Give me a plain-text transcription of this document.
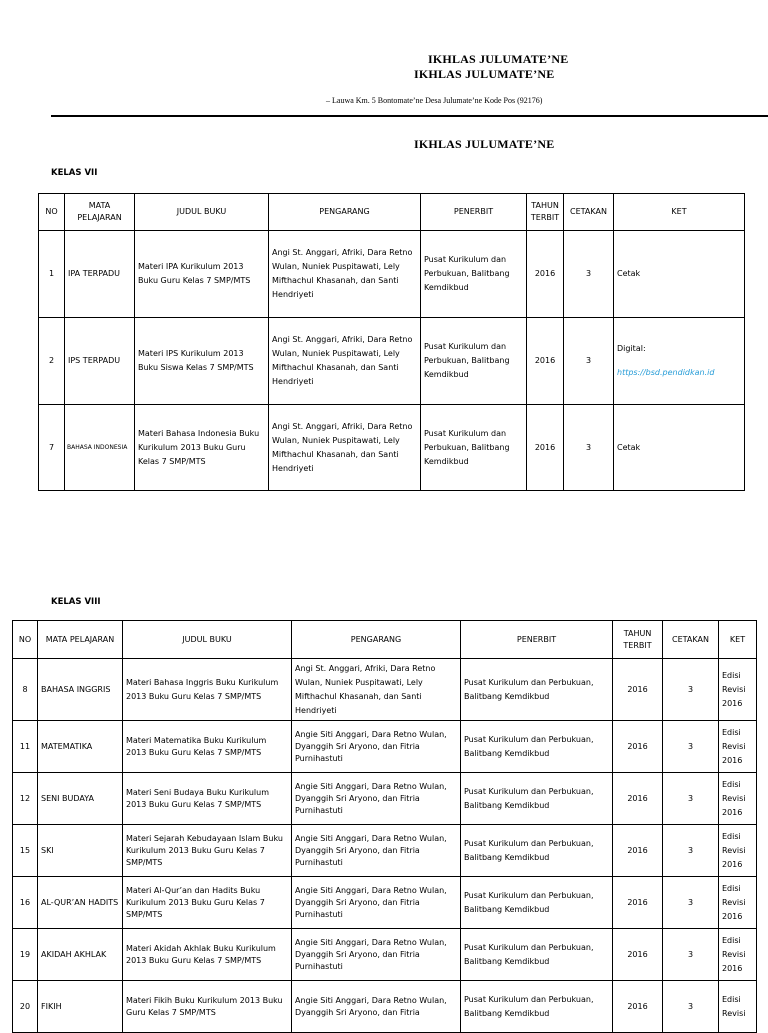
IKHLAS JULUMATE’NE
IKHLAS JULUMATE’NE
– Lauwa Km. 5 Bontomate’ne Desa Julumate’ne Kode Pos (92176)
IKHLAS JULUMATE’NE
KELAS VII
NO	MATA PELAJARAN	JUDUL BUKU	PENGARANG	PENERBIT	TAHUN TERBIT	CETAKAN	KET
1	IPA TERPADU	Materi IPA Kurikulum 2013 Buku Guru Kelas 7 SMP/MTS	Angi St. Anggari, Afriki, Dara Retno Wulan, Nuniek Puspitawati, Lely Mifthachul Khasanah, dan Santi Hendriyeti	Pusat Kurikulum dan Perbukuan, Balitbang Kemdikbud	2016	3	Cetak
2	IPS TERPADU	Materi IPS Kurikulum 2013 Buku Siswa Kelas 7 SMP/MTS	Angi St. Anggari, Afriki, Dara Retno Wulan, Nuniek Puspitawati, Lely Mifthachul Khasanah, dan Santi Hendriyeti	Pusat Kurikulum dan Perbukuan, Balitbang Kemdikbud	2016	3	Digital:
https://bsd.pendidkan.id

7	BAHASA INDONESIA	Materi Bahasa Indonesia Buku Kurikulum 2013 Buku Guru Kelas 7 SMP/MTS	Angi St. Anggari, Afriki, Dara Retno Wulan, Nuniek Puspitawati, Lely Mifthachul Khasanah, dan Santi Hendriyeti	Pusat Kurikulum dan Perbukuan, Balitbang Kemdikbud	2016	3	Cetak
KELAS VIII
NO	MATA PELAJARAN	JUDUL BUKU	PENGARANG	PENERBIT	TAHUN TERBIT	CETAKAN	KET
8	BAHASA INGGRIS	Materi Bahasa Inggris Buku Kurikulum 2013 Buku Guru Kelas 7 SMP/MTS	Angi St. Anggari, Afriki, Dara Retno Wulan, Nuniek Puspitawati, Lely Mifthachul Khasanah, dan Santi Hendriyeti	Pusat Kurikulum dan Perbukuan, Balitbang Kemdikbud	2016	3	Edisi Revisi 2016
11	MATEMATIKA	Materi Matematika Buku Kurikulum 2013 Buku Guru Kelas 7 SMP/MTS	Angie Siti Anggari, Dara Retno Wulan, Dyanggih Sri Aryono, dan Fitria Purnihastuti	Pusat Kurikulum dan Perbukuan, Balitbang Kemdikbud	2016	3	Edisi Revisi 2016
12	SENI BUDAYA	Materi Seni Budaya Buku Kurikulum 2013 Buku Guru Kelas 7 SMP/MTS	Angie Siti Anggari, Dara Retno Wulan, Dyanggih Sri Aryono, dan Fitria Purnihastuti	Pusat Kurikulum dan Perbukuan, Balitbang Kemdikbud	2016	3	Edisi Revisi 2016
15	SKI	Materi Sejarah Kebudayaan Islam Buku Kurikulum 2013 Buku Guru Kelas 7 SMP/MTS	Angie Siti Anggari, Dara Retno Wulan, Dyanggih Sri Aryono, dan Fitria Purnihastuti	Pusat Kurikulum dan Perbukuan, Balitbang Kemdikbud	2016	3	Edisi Revisi 2016
16	AL-QUR’AN HADITS	Materi Al-Qur’an dan Hadits Buku Kurikulum 2013 Buku Guru Kelas 7 SMP/MTS	Angie Siti Anggari, Dara Retno Wulan, Dyanggih Sri Aryono, dan Fitria Purnihastuti	Pusat Kurikulum dan Perbukuan, Balitbang Kemdikbud	2016	3	Edisi Revisi 2016
19	AKIDAH AKHLAK	Materi Akidah Akhlak Buku Kurikulum 2013 Buku Guru Kelas 7 SMP/MTS	Angie Siti Anggari, Dara Retno Wulan, Dyanggih Sri Aryono, dan Fitria Purnihastuti	Pusat Kurikulum dan Perbukuan, Balitbang Kemdikbud	2016	3	Edisi Revisi 2016
20	FIKIH	Materi Fikih Buku Kurikulum 2013 Buku Guru Kelas 7 SMP/MTS	Angie Siti Anggari, Dara Retno Wulan, Dyanggih Sri Aryono, dan Fitria	Pusat Kurikulum dan Perbukuan, Balitbang Kemdikbud	2016	3	Edisi Revisi
